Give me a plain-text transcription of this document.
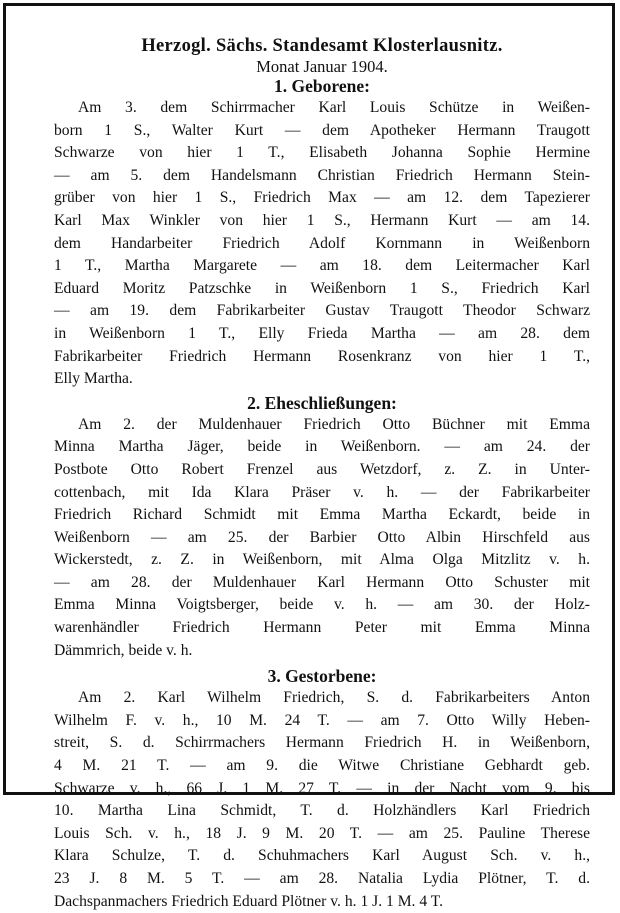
Herzogl. Sächs. Standesamt Klosterlausnitz.
Monat Januar 1904.
1. Geborene:
Am 3. dem Schirrmacher Karl Louis Schütze in Weißen-
born 1 S., Walter Kurt — dem Apotheker Hermann Traugott
Schwarze von hier 1 T., Elisabeth Johanna Sophie Hermine
— am 5. dem Handelsmann Christian Friedrich Hermann Stein-
grüber von hier 1 S., Friedrich Max — am 12. dem Tapezierer
Karl Max Winkler von hier 1 S., Hermann Kurt — am 14.
dem Handarbeiter Friedrich Adolf Kornmann in Weißenborn
1 T., Martha Margarete — am 18. dem Leitermacher Karl
Eduard Moritz Patzschke in Weißenborn 1 S., Friedrich Karl
— am 19. dem Fabrikarbeiter Gustav Traugott Theodor Schwarz
in Weißenborn 1 T., Elly Frieda Martha — am 28. dem
Fabrikarbeiter Friedrich Hermann Rosenkranz von hier 1 T.,
Elly Martha.
2. Eheschließungen:
Am 2. der Muldenhauer Friedrich Otto Büchner mit Emma
Minna Martha Jäger, beide in Weißenborn. — am 24. der
Postbote Otto Robert Frenzel aus Wetzdorf, z. Z. in Unter-
cottenbach, mit Ida Klara Präser v. h. — der Fabrikarbeiter
Friedrich Richard Schmidt mit Emma Martha Eckardt, beide in
Weißenborn — am 25. der Barbier Otto Albin Hirschfeld aus
Wickerstedt, z. Z. in Weißenborn, mit Alma Olga Mitzlitz v. h.
— am 28. der Muldenhauer Karl Hermann Otto Schuster mit
Emma Minna Voigtsberger, beide v. h. — am 30. der Holz-
warenhändler Friedrich Hermann Peter mit Emma Minna
Dämmrich, beide v. h.
3. Gestorbene:
Am 2. Karl Wilhelm Friedrich, S. d. Fabrikarbeiters Anton
Wilhelm F. v. h., 10 M. 24 T. — am 7. Otto Willy Heben-
streit, S. d. Schirrmachers Hermann Friedrich H. in Weißenborn,
4 M. 21 T. — am 9. die Witwe Christiane Gebhardt geb.
Schwarze v. h., 66 J. 1 M. 27 T. — in der Nacht vom 9. bis
10. Martha Lina Schmidt, T. d. Holzhändlers Karl Friedrich
Louis Sch. v. h., 18 J. 9 M. 20 T. — am 25. Pauline Therese
Klara Schulze, T. d. Schuhmachers Karl August Sch. v. h.,
23 J. 8 M. 5 T. — am 28. Natalia Lydia Plötner, T. d.
Dachspanmachers Friedrich Eduard Plötner v. h. 1 J. 1 M. 4 T.
